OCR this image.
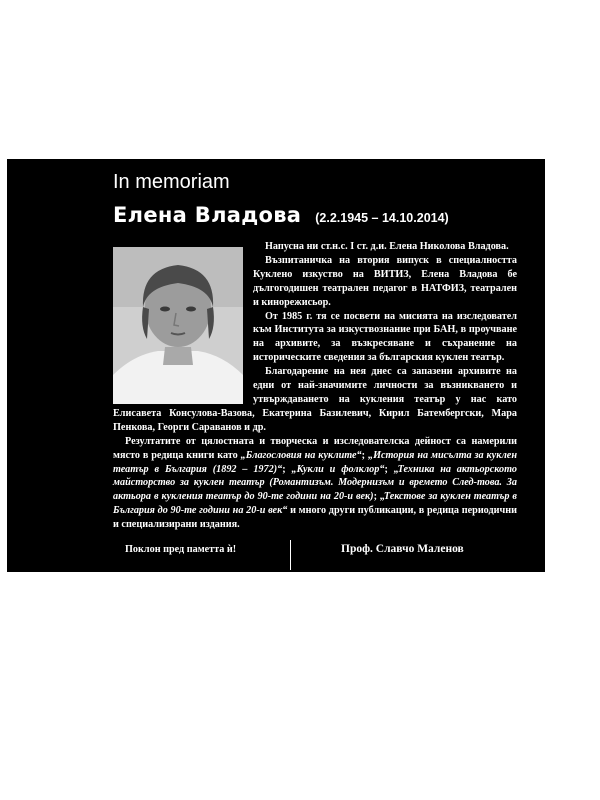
In memoriam
Елена Владова (2.2.1945 – 14.10.2014)

Напусна ни ст.н.с. I ст. д.и. Елена Николова Владова.

Възпитаничка на втория випуск в специалността Куклено изкуство на ВИТИЗ, Елена Владова бе дългогодишен театрален педагог в НАТФИЗ, театрален и кинорежисьор.

От 1985 г. тя се посвети на мисията на изследовател към Института за изкуствознание при БАН, в проучване на архивите, за възкресяване и съхранение на историческите сведения за българския куклен театър.

Благодарение на нея днес са запазени архивите на едни от най-значимите личности за възникването и утвърждаването на кукления театър у нас като Елисавета Консулова-Вазова, Екатерина Базилевич, Кирил Батембергски, Мара Пенкова, Георги Сараванов и др.

Резултатите от цялостната и творческа и изследователска дейност са намерили място в редица книги като „Благословия на куклите“; „История на мисълта за куклен театър в България (1892 – 1972)“; „Кукли и фолклор“; „Техника на актьорското майсторство за куклен театър (Романтизъм. Модернизъм и времето След-това. За актьора в кукления театър до 90-те години на 20-и век); „Текстове за куклен театър в България до 90-те години на 20-и век“ и много други публикации, в редица периодични и специализирани издания.

Поклон пред паметта ѝ!	Проф. Славчо Маленов
